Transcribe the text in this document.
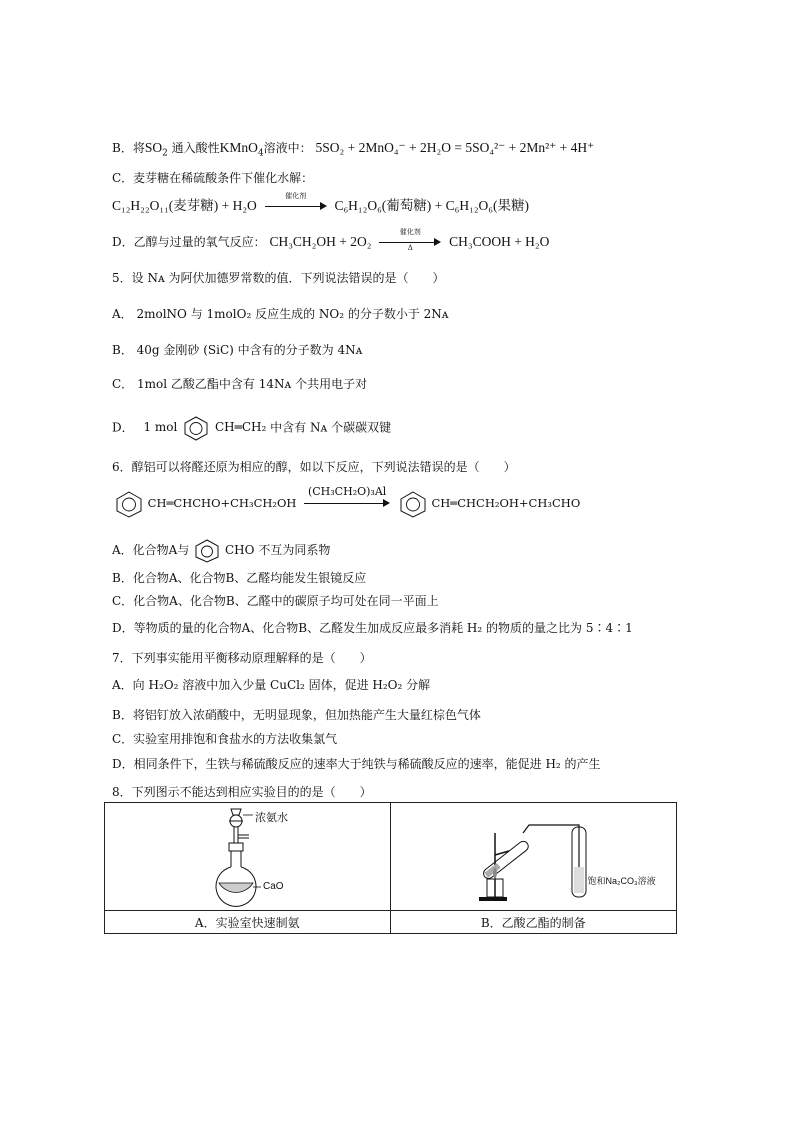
B．将$SO_2$ 通入酸性KMnO$_4$溶液中： 5SO₂ + 2MnO₄⁻ + 2H₂O = 5SO₄²⁻ + 2Mn²⁺ + 4H⁺
C．麦芽糖在稀硫酸条件下催化水解：
C₁₂H₂₂O₁₁(麦芽糖) + H₂O
催化剂
C₆H₁₂O₆(葡萄糖) + C₆H₁₂O₆(果糖)
D．乙醇与过量的氧气反应： CH₃CH₂OH + 2O₂
催化剂
Δ	CH₃COOH + H₂O
5．设 Nᴀ 为阿伏加德罗常数的值．下列说法错误的是（　　）
A． 2molNO 与 1molO₂ 反应生成的 NO₂ 的分子数小于 2Nᴀ
B． 40g 金刚砂 (SiC) 中含有的分子数为 4Nᴀ
C． 1mol 乙酸乙酯中含有 14Nᴀ 个共用电子对
D． 1 mol	CH═CH₂ 中含有 Nᴀ 个碳碳双键
6．醇铝可以将醛还原为相应的醇，如以下反应，下列说法错误的是（　　）
CH═CHCHO+CH₃CH₂OH
(CH₃CH₂O)₃Al
CH═CHCH₂OH+CH₃CHO
A．化合物A与	CHO 不互为同系物
B．化合物A、化合物B、乙醛均能发生银镜反应
C．化合物A、化合物B、乙醛中的碳原子均可处在同一平面上
D．等物质的量的化合物A、化合物B、乙醛发生加成反应最多消耗 H₂ 的物质的量之比为 5∶4∶1
7．下列事实能用平衡移动原理解释的是（　　）
A．向 H₂O₂ 溶液中加入少量 CuCl₂ 固体，促进 H₂O₂ 分解
B．将铝钉放入浓硝酸中，无明显现象，但加热能产生大量红棕色气体
C．实验室用排饱和食盐水的方法收集氯气
D．相同条件下，生铁与稀硫酸反应的速率大于纯铁与稀硫酸反应的速率，能促进 H₂ 的产生
8．下列图示不能达到相应实验目的的是（　　）
浓氨水
CaO	饱和Na₂CO₃溶液

A．实验室快速制氨	B．乙酸乙酯的制备
